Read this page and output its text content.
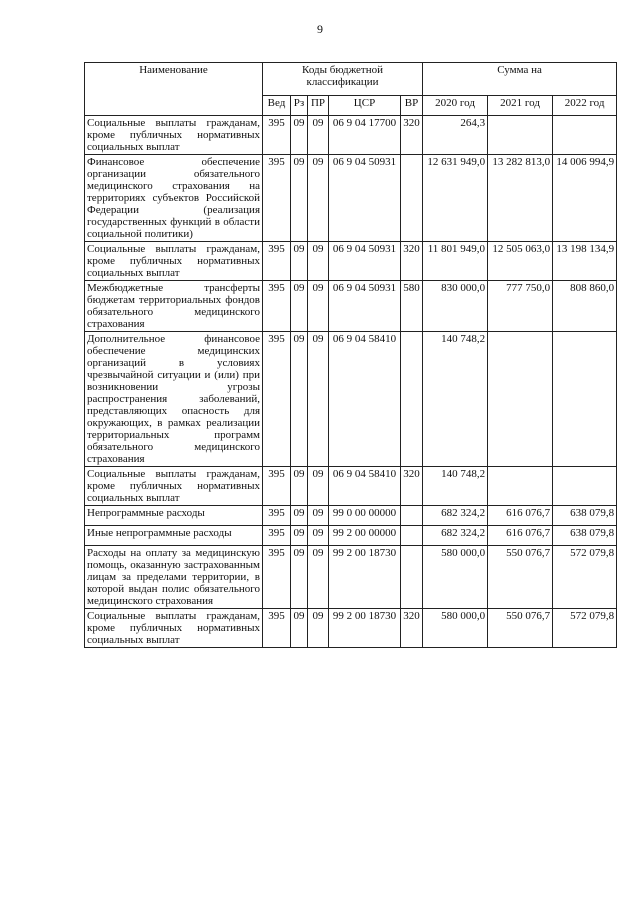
9
Наименование	Коды бюджетной классификации					Сумма на		
	Вед	Рз	ПР	ЦСР	ВР	2020 год	2021 год	2022 год
Социальные выплаты гражданам, кроме публичных нормативных социальных выплат	395	09	09	06 9 04 17700	320	264,3		
Финансовое обеспечение организации обязательного медицинского страхования на территориях субъектов Российской Федерации (реализация государственных функций в области социальной политики)	395	09	09	06 9 04 50931		12 631 949,0	13 282 813,0	14 006 994,9
Социальные выплаты гражданам, кроме публичных нормативных социальных выплат	395	09	09	06 9 04 50931	320	11 801 949,0	12 505 063,0	13 198 134,9
Межбюджетные трансферты бюджетам территориальных фондов обязательного медицинского страхования	395	09	09	06 9 04 50931	580	830 000,0	777 750,0	808 860,0
Дополнительное финансовое обеспечение медицинских организаций в условиях чрезвычайной ситуации и (или) при возникновении угрозы распространения заболеваний, представляющих опасность для окружающих, в рамках реализации территориальных программ обязательного медицинского страхования	395	09	09	06 9 04 58410		140 748,2		
Социальные выплаты гражданам, кроме публичных нормативных социальных выплат	395	09	09	06 9 04 58410	320	140 748,2		
Непрограммные расходы	395	09	09	99 0 00 00000		682 324,2	616 076,7	638 079,8
Иные непрограммные расходы	395	09	09	99 2 00 00000		682 324,2	616 076,7	638 079,8
Расходы на оплату за медицинскую помощь, оказанную застрахованным лицам за пределами территории, в которой выдан полис обязательного медицинского страхования	395	09	09	99 2 00 18730		580 000,0	550 076,7	572 079,8
Социальные выплаты гражданам, кроме публичных нормативных социальных выплат	395	09	09	99 2 00 18730	320	580 000,0	550 076,7	572 079,8
